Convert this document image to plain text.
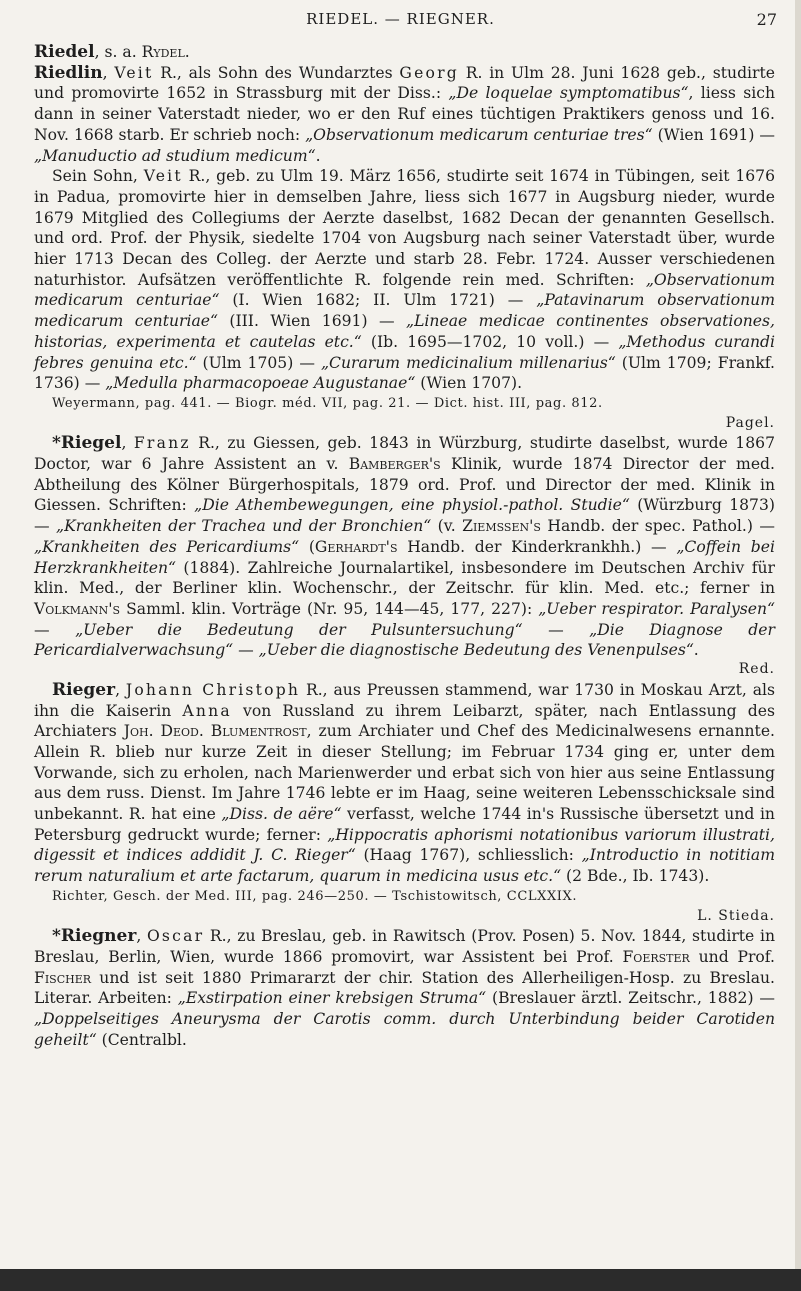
RIEDEL. — RIEGNER.	27

Riedel, s. a. Rydel.

Riedlin, Veit R., als Sohn des Wundarztes Georg R. in Ulm 28. Juni 1628 geb., studirte und promovirte 1652 in Strassburg mit der Diss.: „De loquelae symptomatibus“, liess sich dann in seiner Vaterstadt nieder, wo er den Ruf eines tüchtigen Praktikers genoss und 16. Nov. 1668 starb. Er schrieb noch: „Observationum medicarum centuriae tres“ (Wien 1691) — „Manuductio ad studium medicum“.

Sein Sohn, Veit R., geb. zu Ulm 19. März 1656, studirte seit 1674 in Tübingen, seit 1676 in Padua, promovirte hier in demselben Jahre, liess sich 1677 in Augsburg nieder, wurde 1679 Mitglied des Collegiums der Aerzte daselbst, 1682 Decan der genannten Gesellsch. und ord. Prof. der Physik, siedelte 1704 von Augsburg nach seiner Vaterstadt über, wurde hier 1713 Decan des Colleg. der Aerzte und starb 28. Febr. 1724. Ausser verschiedenen naturhistor. Aufsätzen veröffentlichte R. folgende rein med. Schriften: „Observationum medicarum centuriae“ (I. Wien 1682; II. Ulm 1721) — „Patavinarum observationum medicarum centuriae“ (III. Wien 1691) — „Lineae medicae continentes observationes, historias, experimenta et cautelas etc.“ (Ib. 1695—1702, 10 voll.) — „Methodus curandi febres genuina etc.“ (Ulm 1705) — „Curarum medicinalium millenarius“ (Ulm 1709; Frankf. 1736) — „Medulla pharmacopoeae Augustanae“ (Wien 1707).

Weyermann, pag. 441. — Biogr. méd. VII, pag. 21. — Dict. hist. III, pag. 812.

Pagel.

*Riegel, Franz R., zu Giessen, geb. 1843 in Würzburg, studirte daselbst, wurde 1867 Doctor, war 6 Jahre Assistent an v. Bamberger's Klinik, wurde 1874 Director der med. Abtheilung des Kölner Bürgerhospitals, 1879 ord. Prof. und Director der med. Klinik in Giessen. Schriften: „Die Athembewegungen, eine physiol.-pathol. Studie“ (Würzburg 1873) — „Krankheiten der Trachea und der Bronchien“ (v. Ziemssen's Handb. der spec. Pathol.) — „Krankheiten des Pericardiums“ (Gerhardt's Handb. der Kinderkrankhh.) — „Coffein bei Herzkrankheiten“ (1884). Zahlreiche Journalartikel, insbesondere im Deutschen Archiv für klin. Med., der Berliner klin. Wochenschr., der Zeitschr. für klin. Med. etc.; ferner in Volkmann's Samml. klin. Vorträge (Nr. 95, 144—45, 177, 227): „Ueber respirator. Paralysen“ — „Ueber die Bedeutung der Pulsuntersuchung“ — „Die Diagnose der Pericardialverwachsung“ — „Ueber die diagnostische Bedeutung des Venenpulses“.

Red.

Rieger, Johann Christoph R., aus Preussen stammend, war 1730 in Moskau Arzt, als ihn die Kaiserin Anna von Russland zu ihrem Leibarzt, später, nach Entlassung des Archiaters Joh. Deod. Blumentrost, zum Archiater und Chef des Medicinalwesens ernannte. Allein R. blieb nur kurze Zeit in dieser Stellung; im Februar 1734 ging er, unter dem Vorwande, sich zu erholen, nach Marienwerder und erbat sich von hier aus seine Entlassung aus dem russ. Dienst. Im Jahre 1746 lebte er im Haag, seine weiteren Lebensschicksale sind unbekannt. R. hat eine „Diss. de aëre“ verfasst, welche 1744 in's Russische übersetzt und in Petersburg gedruckt wurde; ferner: „Hippocratis aphorismi notationibus variorum illustrati, digessit et indices addidit J. C. Rieger“ (Haag 1767), schliesslich: „Introductio in notitiam rerum naturalium et arte factarum, quarum in medicina usus etc.“ (2 Bde., Ib. 1743).

Richter, Gesch. der Med. III, pag. 246—250. — Tschistowitsch, CCLXXIX.

L. Stieda.

*Riegner, Oscar R., zu Breslau, geb. in Rawitsch (Prov. Posen) 5. Nov. 1844, studirte in Breslau, Berlin, Wien, wurde 1866 promovirt, war Assistent bei Prof. Foerster und Prof. Fischer und ist seit 1880 Primararzt der chir. Station des Allerheiligen-Hosp. zu Breslau. Literar. Arbeiten: „Exstirpation einer krebsigen Struma“ (Breslauer ärztl. Zeitschr., 1882) — „Doppelseitiges Aneurysma der Carotis comm. durch Unterbindung beider Carotiden geheilt“ (Centralbl.
